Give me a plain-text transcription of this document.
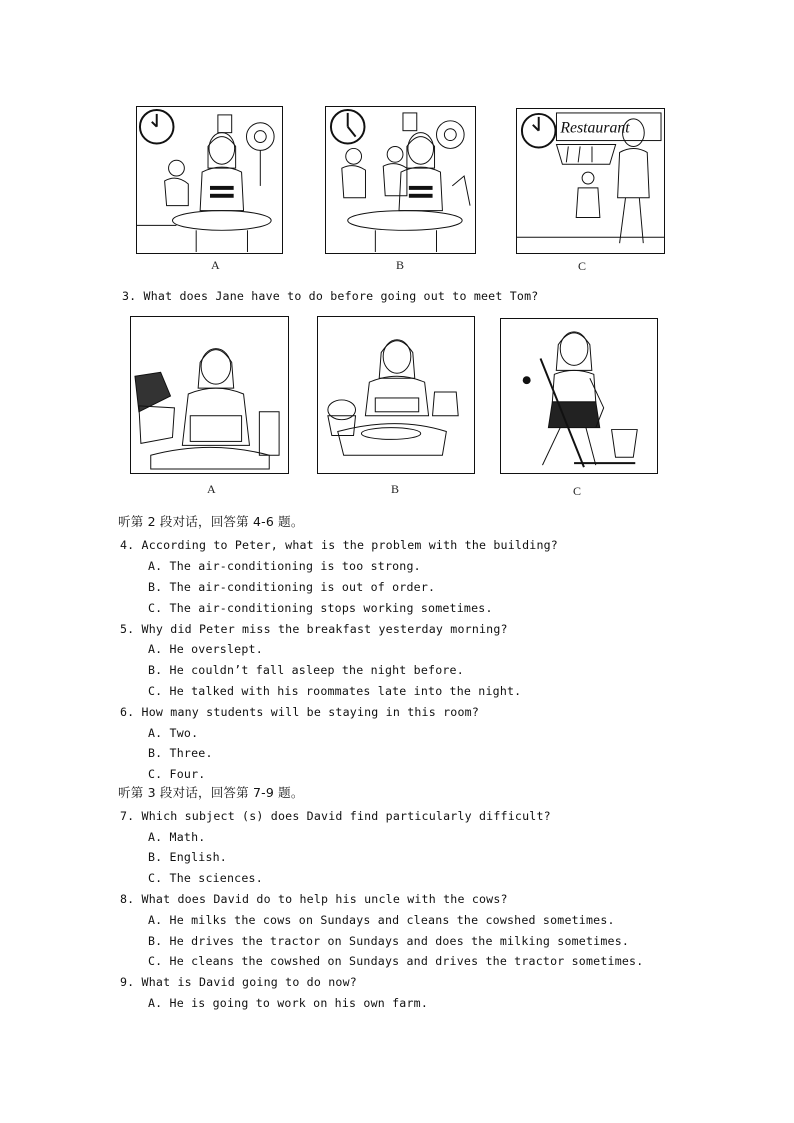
A	B
Restaurant
C
3. What does Jane have to do before going out to meet Tom?
A	B	C
听第 2 段对话，回答第 4-6 题。
4. According to Peter, what is the problem with the building?
A. The air-conditioning is too strong.
B. The air-conditioning is out of order.
C. The air-conditioning stops working sometimes.
5. Why did Peter miss the breakfast yesterday morning?
A. He overslept.
B. He couldn’t fall asleep the night before.
C. He talked with his roommates late into the night.
6. How many students will be staying in this room?
A. Two.
B. Three.
C. Four.
听第 3 段对话，回答第 7-9 题。
7. Which subject (s) does David find particularly difficult?
A. Math.
B. English.
C. The sciences.
8. What does David do to help his uncle with the cows?
A. He milks the cows on Sundays and cleans the cowshed sometimes.
B. He drives the tractor on Sundays and does the milking sometimes.
C. He cleans the cowshed on Sundays and drives the tractor sometimes.
9. What is David going to do now?
A. He is going to work on his own farm.
